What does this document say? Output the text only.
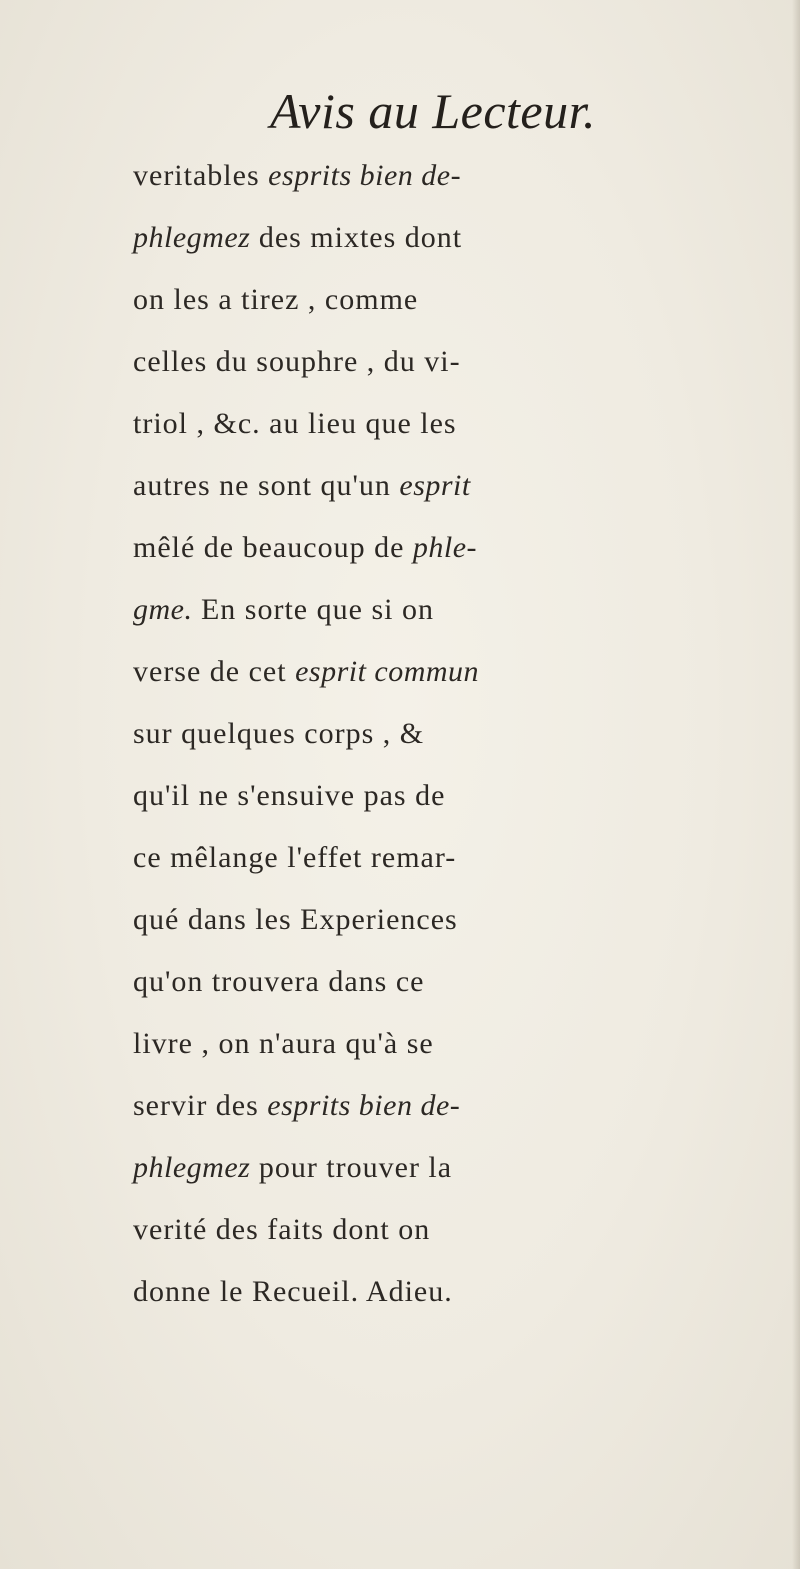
Avis au Lecteur.
veritables esprits bien de-
phlegmez des mixtes dont
on les a tirez , comme
celles du souphre , du vi-
triol , &c. au lieu que les
autres ne sont qu'un esprit
mêlé de beaucoup de phle-
gme. En sorte que si on
verse de cet esprit commun
sur quelques corps , &
qu'il ne s'ensuive pas de
ce mêlange l'effet remar-
qué dans les Experiences
qu'on trouvera dans ce
livre , on n'aura qu'à se
servir des esprits bien de-
phlegmez pour trouver la
verité des faits dont on
donne le Recueil. Adieu.
